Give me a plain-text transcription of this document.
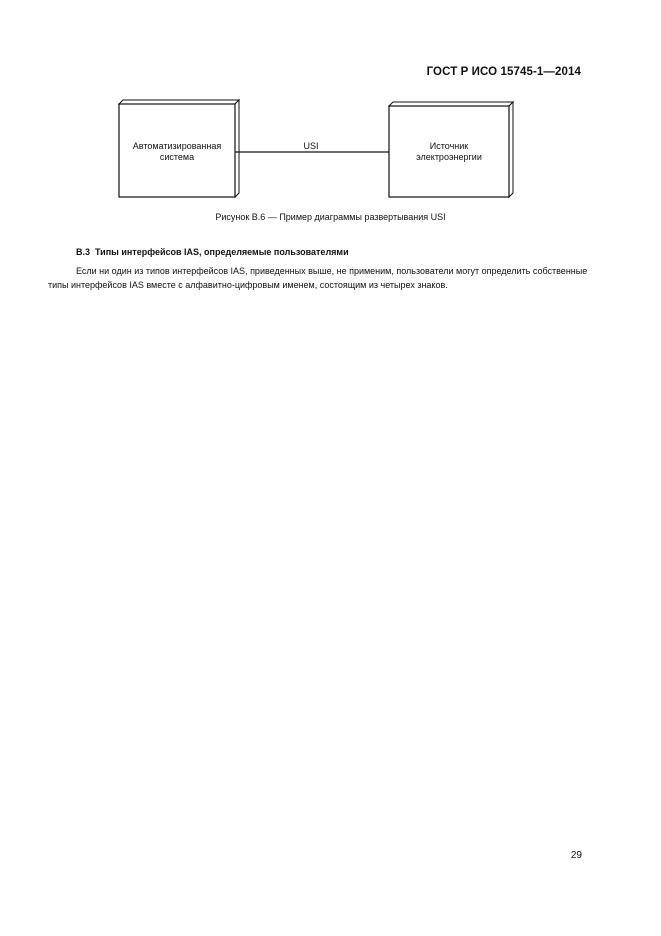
ГОСТ Р ИСО 15745-1—2014
Автоматизированная
система
USI	Источник
электроэнергии
Рисунок B.6 — Пример диаграммы развертывания USI
B.3 Типы интерфейсов IAS, определяемые пользователями
Если ни один из типов интерфейсов IAS, приведенных выше, не применим, пользователи могут определить собственные типы интерфейсов IAS вместе с алфавитно-цифровым именем, состоящим из четырех знаков.
29
